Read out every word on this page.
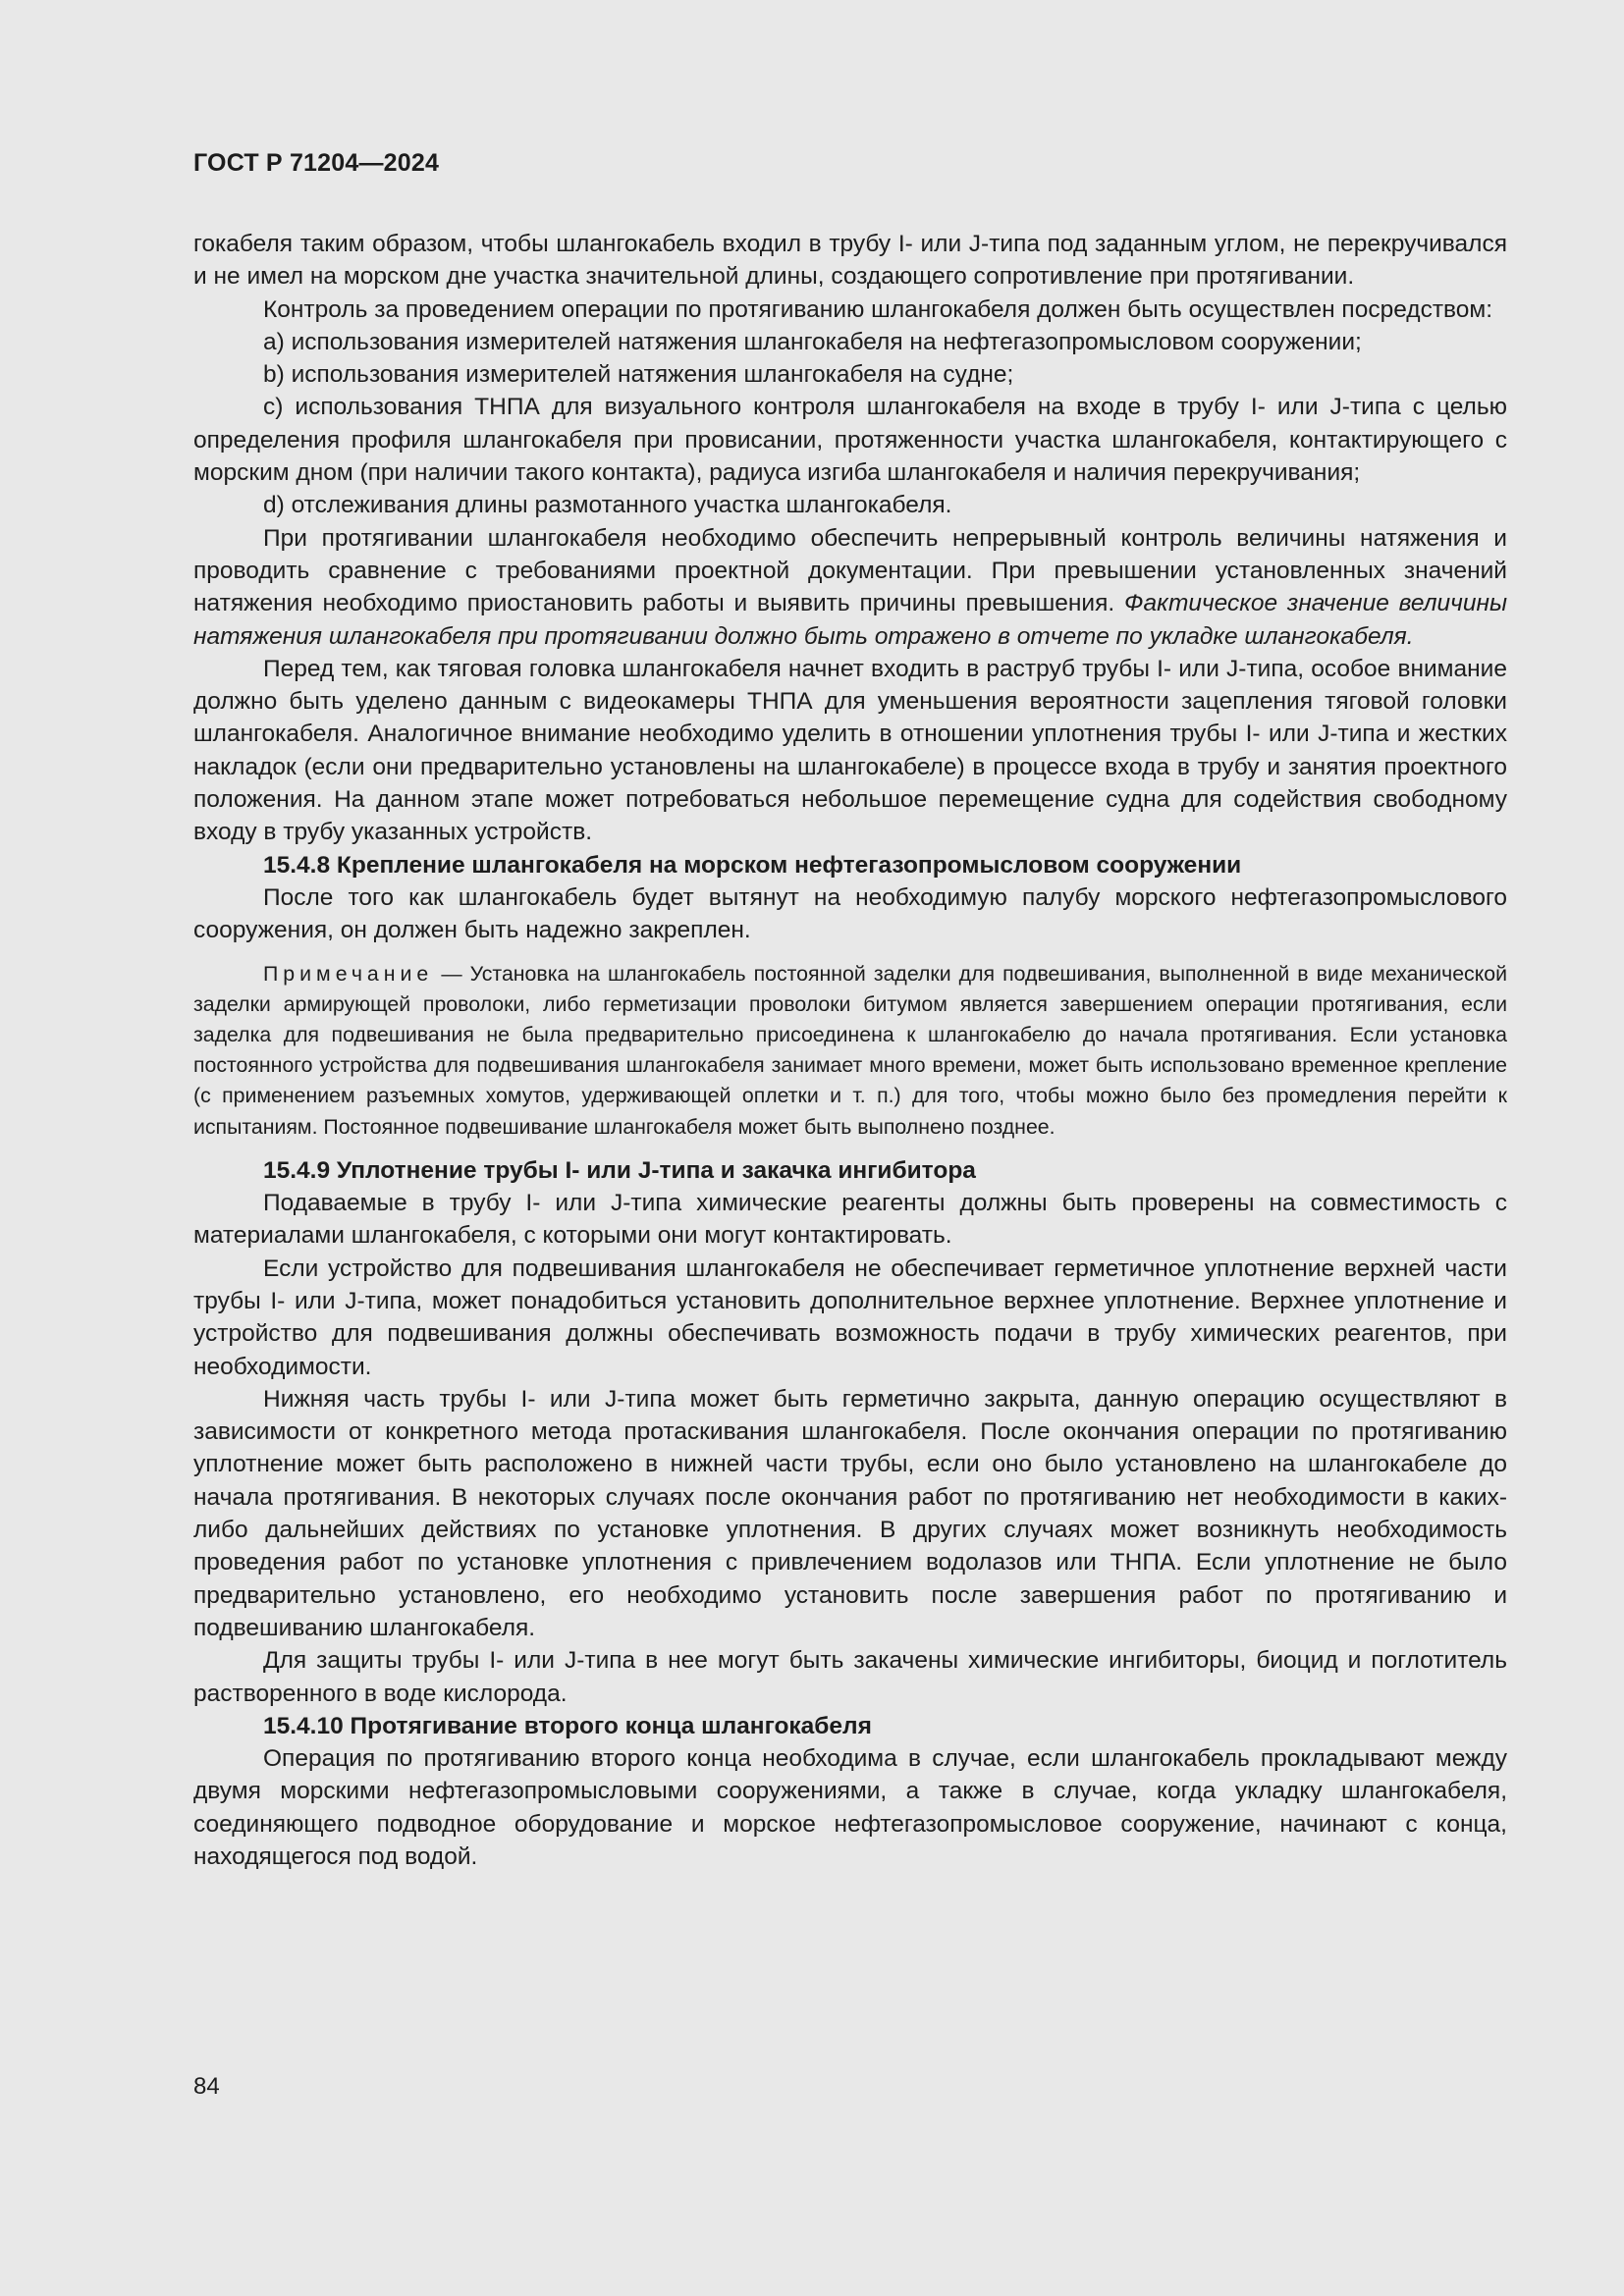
ГОСТ Р 71204—2024

гокабеля таким образом, чтобы шлангокабель входил в трубу I- или J-типа под заданным углом, не перекручивался и не имел на морском дне участка значительной длины, создающего сопротивление при протягивании.

Контроль за проведением операции по протягиванию шлангокабеля должен быть осуществлен посредством:

a) использования измерителей натяжения шлангокабеля на нефтегазопромысловом сооружении;

b) использования измерителей натяжения шлангокабеля на судне;

c) использования ТНПА для визуального контроля шлангокабеля на входе в трубу I- или J-типа с целью определения профиля шлангокабеля при провисании, протяженности участка шлангокабеля, контактирующего с морским дном (при наличии такого контакта), радиуса изгиба шлангокабеля и наличия перекручивания;

d) отслеживания длины размотанного участка шлангокабеля.

При протягивании шлангокабеля необходимо обеспечить непрерывный контроль величины натяжения и проводить сравнение с требованиями проектной документации. При превышении установленных значений натяжения необходимо приостановить работы и выявить причины превышения. Фактическое значение величины натяжения шлангокабеля при протягивании должно быть отражено в отчете по укладке шлангокабеля.

Перед тем, как тяговая головка шлангокабеля начнет входить в раструб трубы I- или J-типа, особое внимание должно быть уделено данным с видеокамеры ТНПА для уменьшения вероятности зацепления тяговой головки шлангокабеля. Аналогичное внимание необходимо уделить в отношении уплотнения трубы I- или J-типа и жестких накладок (если они предварительно установлены на шлангокабеле) в процессе входа в трубу и занятия проектного положения. На данном этапе может потребоваться небольшое перемещение судна для содействия свободному входу в трубу указанных устройств.

15.4.8 Крепление шлангокабеля на морском нефтегазопромысловом сооружении

После того как шлангокабель будет вытянут на необходимую палубу морского нефтегазопромыслового сооружения, он должен быть надежно закреплен.

Примечание — Установка на шлангокабель постоянной заделки для подвешивания, выполненной в виде механической заделки армирующей проволоки, либо герметизации проволоки битумом является завершением операции протягивания, если заделка для подвешивания не была предварительно присоединена к шлангокабелю до начала протягивания. Если установка постоянного устройства для подвешивания шлангокабеля занимает много времени, может быть использовано временное крепление (с применением разъемных хомутов, удерживающей оплетки и т. п.) для того, чтобы можно было без промедления перейти к испытаниям. Постоянное подвешивание шлангокабеля может быть выполнено позднее.

15.4.9 Уплотнение трубы I- или J-типа и закачка ингибитора

Подаваемые в трубу I- или J-типа химические реагенты должны быть проверены на совместимость с материалами шлангокабеля, с которыми они могут контактировать.

Если устройство для подвешивания шлангокабеля не обеспечивает герметичное уплотнение верхней части трубы I- или J-типа, может понадобиться установить дополнительное верхнее уплотнение. Верхнее уплотнение и устройство для подвешивания должны обеспечивать возможность подачи в трубу химических реагентов, при необходимости.

Нижняя часть трубы I- или J-типа может быть герметично закрыта, данную операцию осуществляют в зависимости от конкретного метода протаскивания шлангокабеля. После окончания операции по протягиванию уплотнение может быть расположено в нижней части трубы, если оно было установлено на шлангокабеле до начала протягивания. В некоторых случаях после окончания работ по протягиванию нет необходимости в каких-либо дальнейших действиях по установке уплотнения. В других случаях может возникнуть необходимость проведения работ по установке уплотнения с привлечением водолазов или ТНПА. Если уплотнение не было предварительно установлено, его необходимо установить после завершения работ по протягиванию и подвешиванию шлангокабеля.

Для защиты трубы I- или J-типа в нее могут быть закачены химические ингибиторы, биоцид и поглотитель растворенного в воде кислорода.

15.4.10 Протягивание второго конца шлангокабеля

Операция по протягиванию второго конца необходима в случае, если шлангокабель прокладывают между двумя морскими нефтегазопромысловыми сооружениями, а также в случае, когда укладку шлангокабеля, соединяющего подводное оборудование и морское нефтегазопромысловое сооружение, начинают с конца, находящегося под водой.

84
